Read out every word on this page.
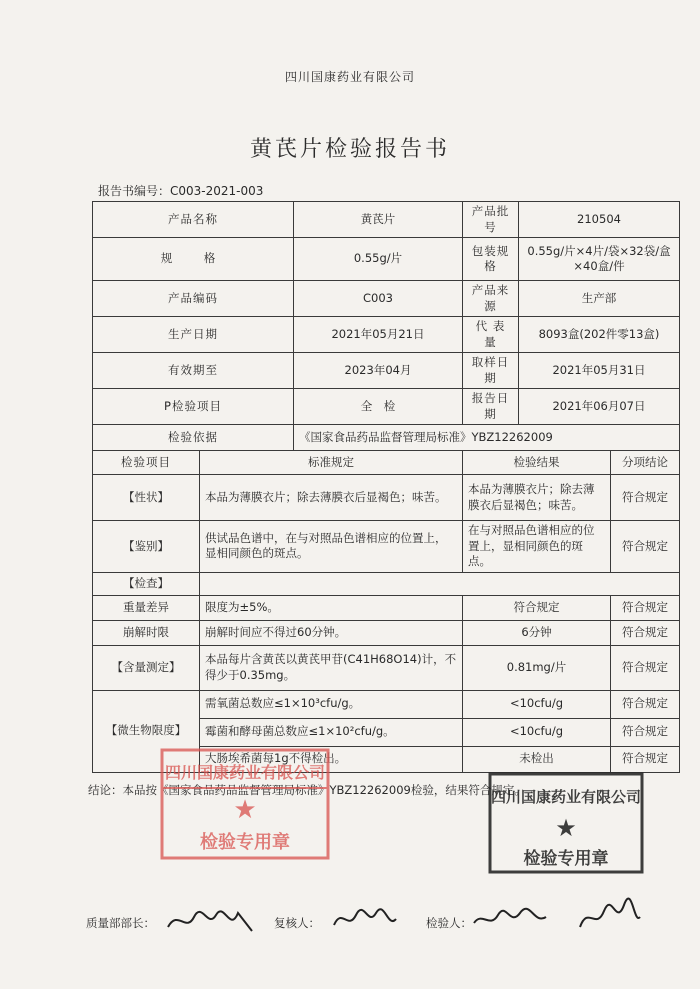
四川国康药业有限公司
黄芪片检验报告书
报告书编号：C003-2021-003
产品名称		黄芪片	产品批号	210504	
规　格		0.55g/片	包装规格	0.55g/片×4片/袋×32袋/盒×40盒/件	
产品编码		C003	产品来源	生产部	
生产日期		2021年05月21日	代 表 量	8093盒(202件零13盒)	
有效期至		2023年04月	取样日期	2021年05月31日	
P检验项目		全　检	报告日期	2021年06月07日	
检验依据		《国家食品药品监督管理局标准》YBZ12262009			
检验项目	标准规定		检验结果		分项结论
【性状】	本品为薄膜衣片；除去薄膜衣后显褐色；味苦。		本品为薄膜衣片；除去薄膜衣后显褐色；味苦。		符合规定
【鉴别】	供试品色谱中，在与对照品色谱相应的位置上，显相同颜色的斑点。		在与对照品色谱相应的位置上，显相同颜色的斑点。		符合规定
【检查】					
重量差异	限度为±5%。		符合规定		符合规定
崩解时限	崩解时间应不得过60分钟。		6分钟		符合规定
【含量测定】	本品每片含黄芪以黄芪甲苷(C41H68O14)计，不得少于0.35mg。		0.81mg/片		符合规定
【微生物限度】	需氧菌总数应≤1×10³cfu/g。		<10cfu/g		符合规定
	霉菌和酵母菌总数应≤1×10²cfu/g。		<10cfu/g		符合规定
	大肠埃希菌每1g不得检出。		未检出		符合规定
结论：本品按《国家食品药品监督管理局标准》YBZ12262009检验，结果符合规定。
四川国康药业有限公司
★
检验专用章
四川国康药业有限公司
★
检验专用章
质量部部长：	复核人：	检验人：
